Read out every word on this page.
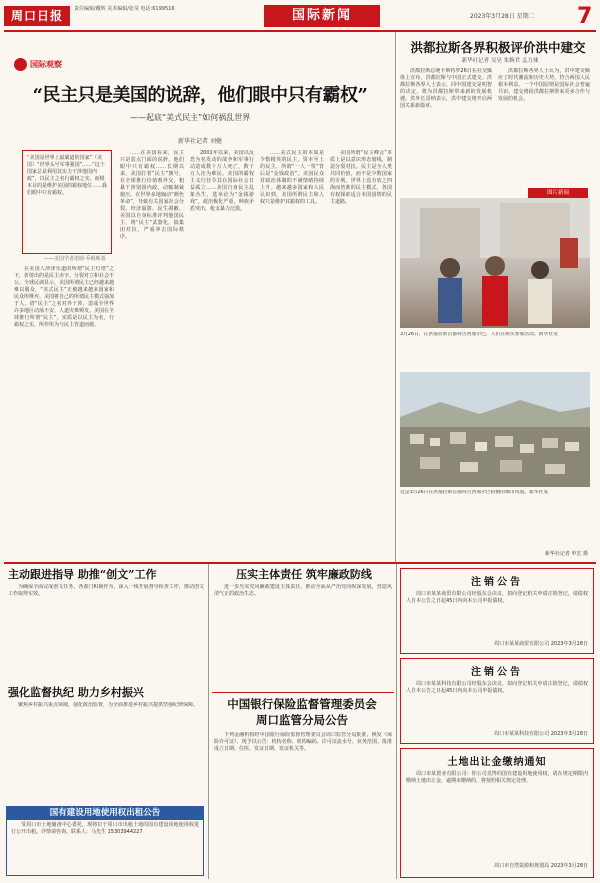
周口日报	责任编辑/戴辉 美术编辑/张昊 电话:6199516	国际新闻	2023年3月28日 星期二	7
国际观察
“民主只是美国的说辞，他们眼中只有霸权”
——起底“美式民主”如何祸乱世界
新华社记者 刘健
“美国是世界上最霸道的国家”（美国）“世界头号军事强国”……“这个国家总是利用其实力干涉他国内政”，以民主之名行霸权之实，而根本目的是维护美国的霸权地位……我们眼中只有霸权。
——美国学者诺姆·乔姆斯基

在美国人津津乐道的所谓“民主灯塔”之下，折射出的是民主赤字、分裂对立和社会不公。全球民调显示，美国所谓民主已经越来越难以服众，“美式民主”正被越来越多国家和民众所唾弃。美国将自己的所谓民主模式强加于人，借“民主”之名对外干涉，造成全世界许多地区动荡不安、人道灾难频发。美国在全球推行所谓“民主”，实质是以民主为名，行霸权之实，所作所为与民主背道而驰。

……在美国看来，民主只是装点门面的说辞，他们眼中只有霸权……长期以来，美国打着“民主”旗号，在全球推行价值观外交，粗暴干涉别国内政，动辄制裁施压，在世界多地煽动“颜色革命”，导致有关国家社会分裂、经济崩溃、民生凋敝。美国以自身标准评判他国民主，将“民主”武器化，搞集团对抗，严重冲击国际秩序。

2001年以来，美国以反恐为名发动的战争和军事行动造成数十万人死亡，数千万人沦为难民。美国的霸权主义行径令其在国际社会日益孤立……美国自身民主乱象丛生，选举沦为“金钱游戏”，政治极化严重，种族矛盾突出，枪支暴力泛滥。

……美式民主的本质是少数精英的民主，资本至上的民主，所谓“一人一票”背后是“金钱政治”。美国民众对政治体制的不满情绪持续上升。越来越多国家和人民认识到，美国所谓民主和人权只是维护其霸权的工具。

美国所谓“民主峰会”本质上是以意识形态划线，制造分裂对抗。民主是全人类共同价值，而不是少数国家的专利。世界上没有放之四海而皆准的民主模式，各国有权探索适合本国国情的民主道路。

洪都拉斯各界积极评价洪中建交
新华社记者 吴昊 朱婉君 孟力徕

洪都拉斯总统卡斯特罗26日在社交媒体上宣布，洪都拉斯与中国正式建交。洪都拉斯各界人士表示，同中国建交是明智的决定，将为洪都拉斯带来新的发展机遇。洪外长雷纳表示，洪中建交将开启两国关系新篇章。

洪都拉斯各界人士认为，洪中建交顺应了时代潮流和历史大势，符合两国人民根本利益。一个中国原则是国际社会普遍共识，建交将给洪都拉斯带来更多合作与发展的机会。

图片新闻
3月26日，在洪都拉斯首都特古西加尔巴，人们在街头参加活动。新华社发
这是3月26日在洪都拉斯首都特古西加尔巴拍摄的城市风貌。新华社发
新华社记者 申宏 摄
主动跟进指导 助推“创文”工作

为确保全面完成创文任务，各部门积极作为，深入一线开展督导检查工作，推动创文工作取得实效。

强化监督执纪 助力乡村振兴

聚焦乡村振兴重点领域，强化政治监督，为全面推进乡村振兴提供坚强纪律保障。

国有建设用地使用权出租公告

受周口市土地储备中心委托，现将位于周口市出租土地的国有建设用地使用权进行公开出租。详情请咨询。联系人：马先生 15303944227

压实主体责任 筑牢廉政防线

进一步压实党风廉政建设主体责任，推动全面从严治党向纵深发展，营造风清气正的政治生态。

中国银行保险监督管理委员会
周口监管分局公告

下列金融机构经中国银行保险监督管理委员会周口监管分局批准，换发《保险许可证》，现予以公告：机构名称、机构编码、许可证流水号、业务范围、批准成立日期、住所、发证日期、发证机关等。

注销公告

周口市某某商贸有限公司经股东会决议，拟向登记机关申请注销登记，请债权人自本公告之日起45日内向本公司申报债权。

周口市某某商贸有限公司 2023年3月28日
注销公告

周口市某某科技有限公司经股东会决议，拟向登记机关申请注销登记，请债权人自本公告之日起45日内向本公司申报债权。

周口市某某科技有限公司 2023年3月28日
土地出让金缴纳通知

周口市某置业有限公司：你公司竞得的国有建设用地使用权，请在规定期限内缴纳土地出让金，逾期未缴纳的，将按照相关规定处理。

周口市自然资源和规划局 2023年3月28日
